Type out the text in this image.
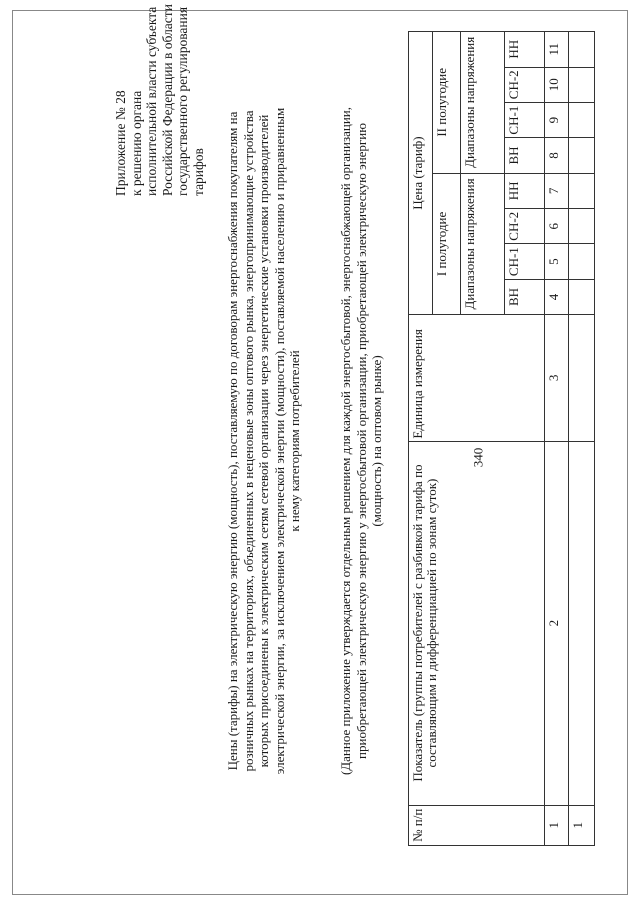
340
Приложение № 28 к решению органа исполнительной власти субъекта Российской Федерации в области государственного регулирования тарифов Цены (тарифы) на электрическую энергию (мощность), поставляемую по договорам энергоснабжения покупателям на розничных рынках на территориях, объединенных в неценовые зоны оптового рынка, энергопринимающие устройства которых присоединены к электрическим сетям сетевой организации через энергетические установки производителей электрической энергии, за исключением электрической энергии (мощности), поставляемой населению и приравненным к нему категориям потребителей	(Данное приложение утверждается отдельным решением для каждой энергосбытовой, энергоснабжающей организации, приобретающей электрическую энергию у энергосбытовой организации, приобретающей электрическую энергию (мощность) на оптовом рынке)
№ п/п	Показатель (группы потребителей с разбивкой тарифа по составляющим и дифференциацией по зонам суток)	Единица измерения	Цена (тариф)							
			I полугодие				II полугодие			
			Диапазоны напряжения				Диапазоны напряжения			
			ВН	СН-1	СН-2	НН	ВН	СН-1	СН-2	НН
1	2	3	4	5	6	7	8	9	10	11
1										
